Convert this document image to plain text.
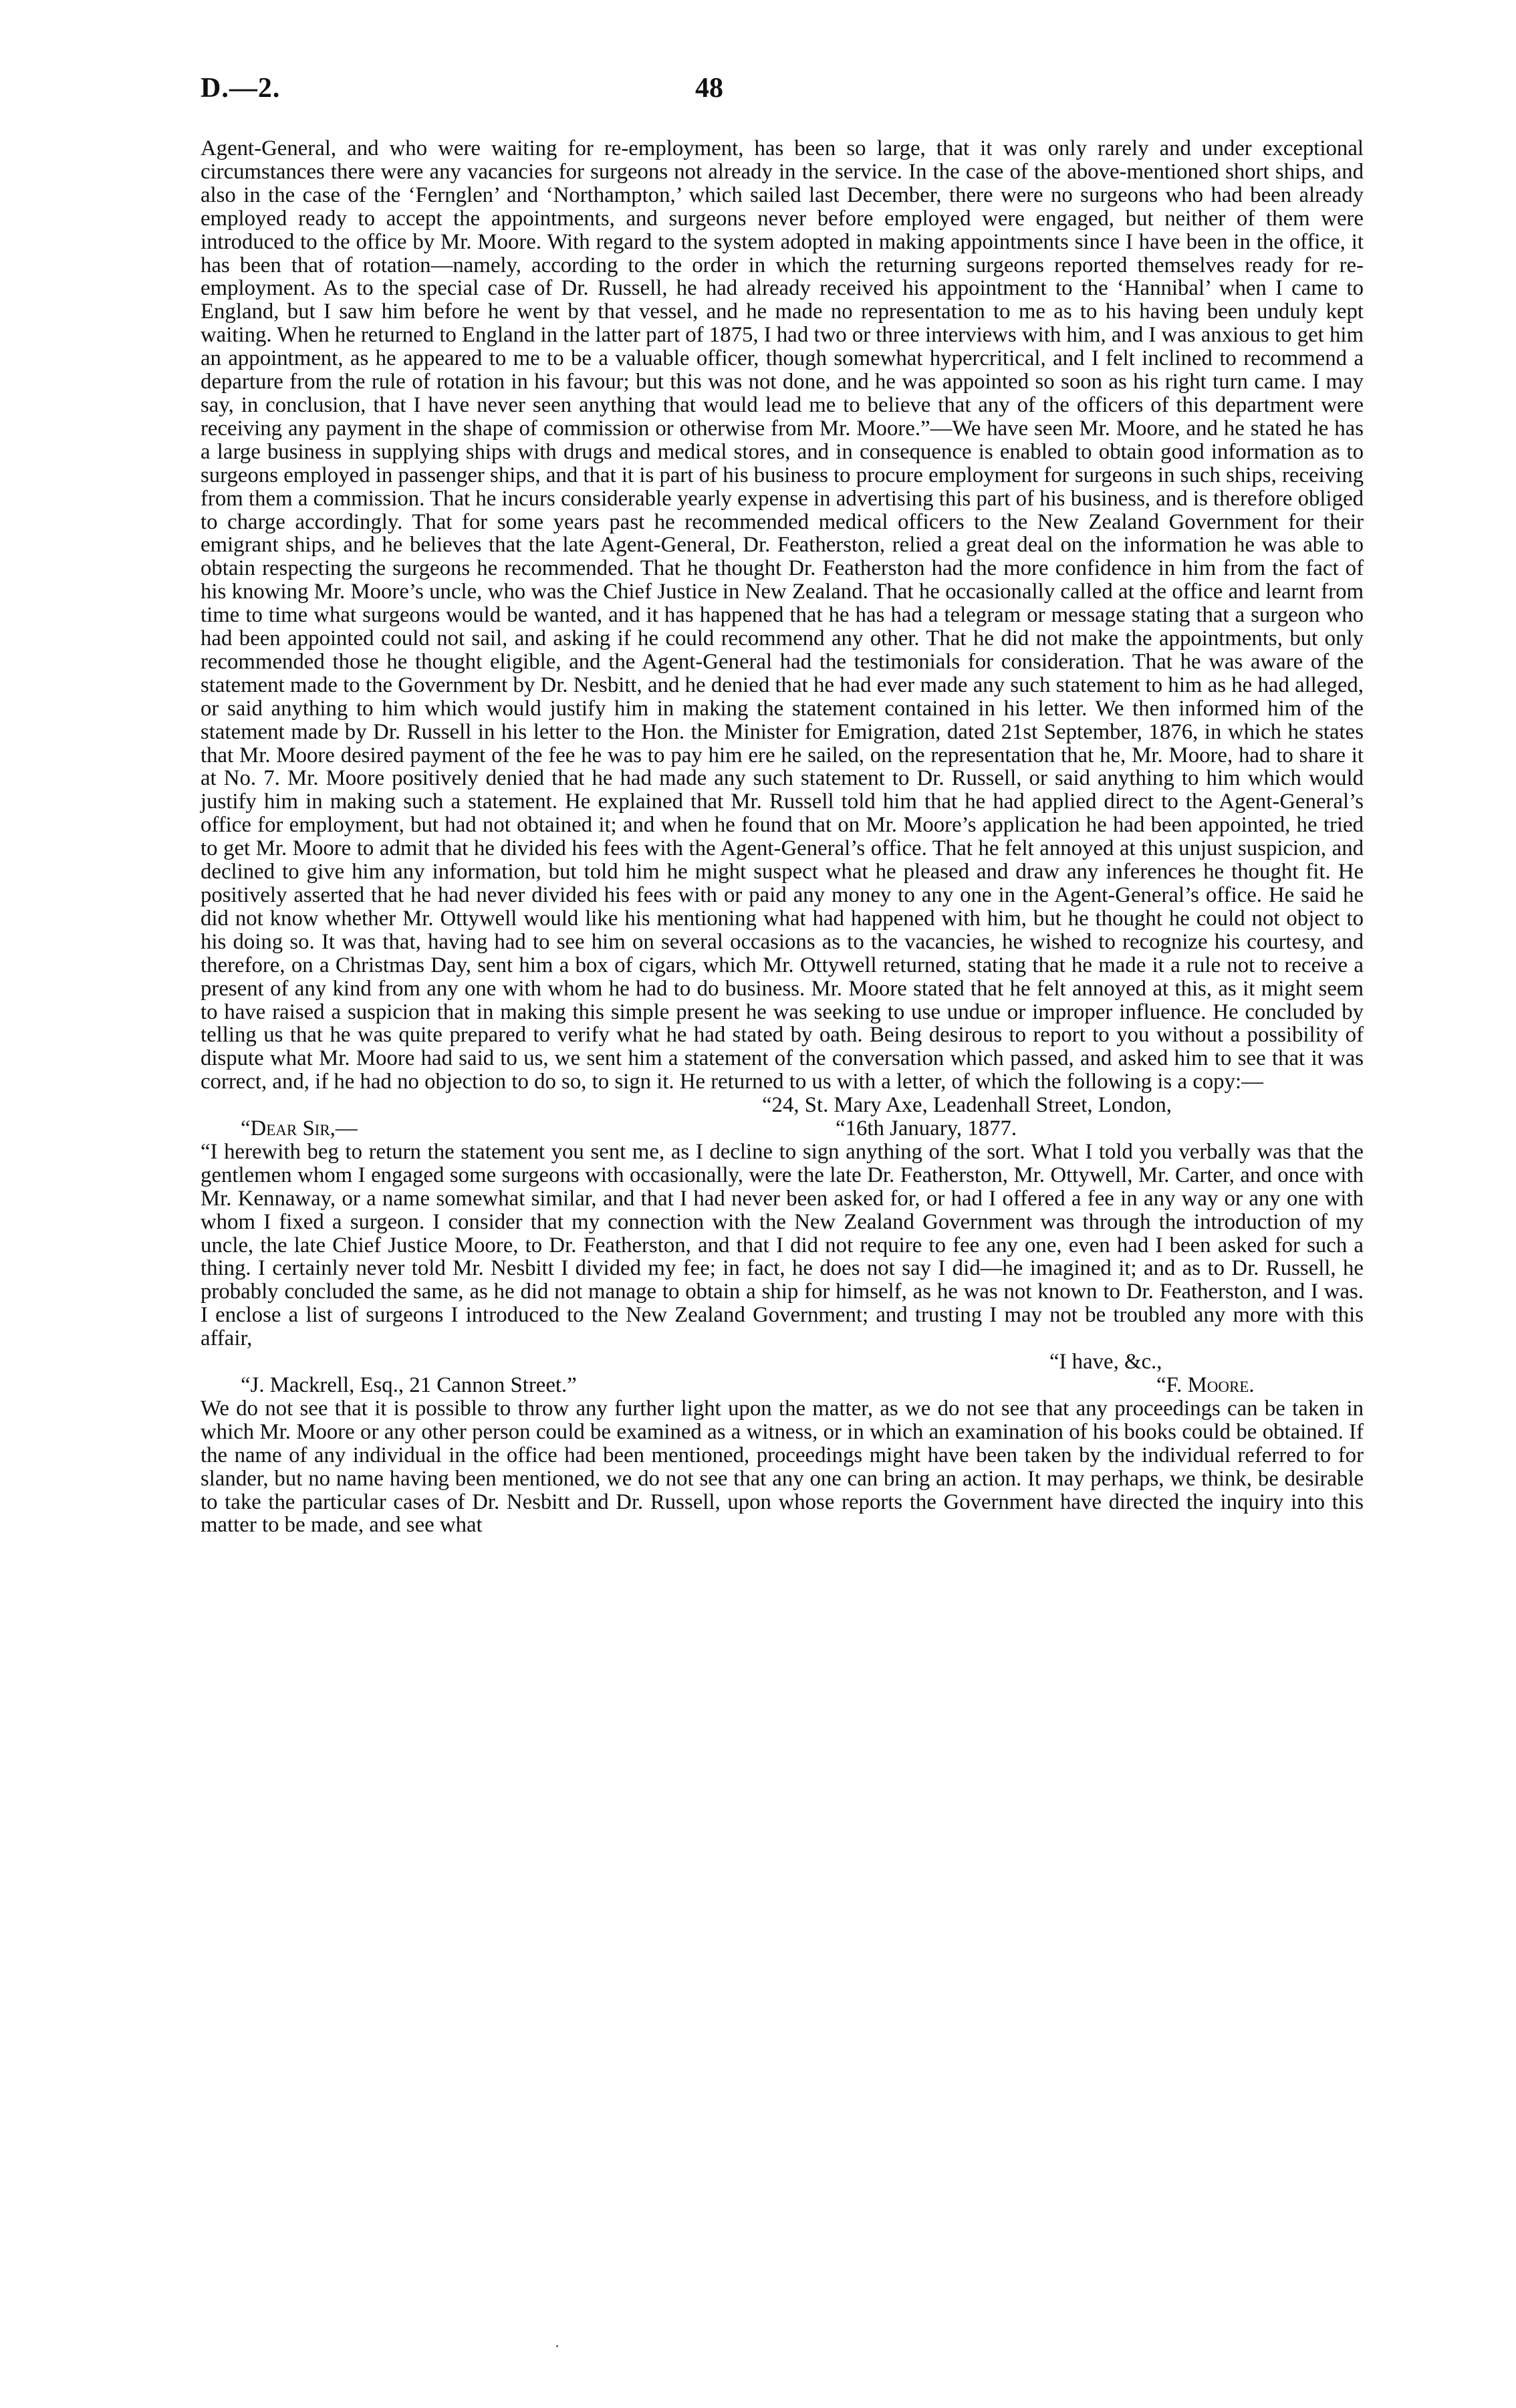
D.—2.	48

Agent-General, and who were waiting for re-employment, has been so large, that it was only rarely and under exceptional circumstances there were any vacancies for surgeons not already in the service. In the case of the above-mentioned short ships, and also in the case of the ‘Fernglen’ and ‘Northampton,’ which sailed last December, there were no surgeons who had been already employed ready to accept the appointments, and surgeons never before employed were engaged, but neither of them were introduced to the office by Mr. Moore. With regard to the system adopted in making appointments since I have been in the office, it has been that of rotation—namely, according to the order in which the returning surgeons reported themselves ready for re-employment. As to the special case of Dr. Russell, he had already received his appointment to the ‘Hannibal’ when I came to England, but I saw him before he went by that vessel, and he made no representation to me as to his having been unduly kept waiting. When he returned to England in the latter part of 1875, I had two or three interviews with him, and I was anxious to get him an appointment, as he appeared to me to be a valuable officer, though somewhat hypercritical, and I felt inclined to recommend a departure from the rule of rotation in his favour; but this was not done, and he was appointed so soon as his right turn came. I may say, in conclusion, that I have never seen anything that would lead me to believe that any of the officers of this department were receiving any payment in the shape of commission or otherwise from Mr. Moore.”—We have seen Mr. Moore, and he stated he has a large business in supplying ships with drugs and medical stores, and in consequence is enabled to obtain good information as to surgeons employed in passenger ships, and that it is part of his business to procure employment for surgeons in such ships, receiving from them a commission. That he incurs considerable yearly expense in advertising this part of his business, and is therefore obliged to charge accordingly. That for some years past he recommended medical officers to the New Zealand Government for their emigrant ships, and he believes that the late Agent-General, Dr. Featherston, relied a great deal on the information he was able to obtain respecting the surgeons he recommended. That he thought Dr. Featherston had the more confidence in him from the fact of his knowing Mr. Moore’s uncle, who was the Chief Justice in New Zealand. That he occasionally called at the office and learnt from time to time what surgeons would be wanted, and it has happened that he has had a telegram or message stating that a surgeon who had been appointed could not sail, and asking if he could recommend any other. That he did not make the appointments, but only recommended those he thought eligible, and the Agent-General had the testimonials for consideration. That he was aware of the statement made to the Government by Dr. Nesbitt, and he denied that he had ever made any such statement to him as he had alleged, or said anything to him which would justify him in making the statement contained in his letter. We then informed him of the statement made by Dr. Russell in his letter to the Hon. the Minister for Emigration, dated 21st September, 1876, in which he states that Mr. Moore desired payment of the fee he was to pay him ere he sailed, on the representation that he, Mr. Moore, had to share it at No. 7. Mr. Moore positively denied that he had made any such statement to Dr. Russell, or said anything to him which would justify him in making such a statement. He explained that Mr. Russell told him that he had applied direct to the Agent-General’s office for employment, but had not obtained it; and when he found that on Mr. Moore’s application he had been appointed, he tried to get Mr. Moore to admit that he divided his fees with the Agent-General’s office. That he felt annoyed at this unjust suspicion, and declined to give him any information, but told him he might suspect what he pleased and draw any inferences he thought fit. He positively asserted that he had never divided his fees with or paid any money to any one in the Agent-General’s office. He said he did not know whether Mr. Ottywell would like his mentioning what had happened with him, but he thought he could not object to his doing so. It was that, having had to see him on several occasions as to the vacancies, he wished to recognize his courtesy, and therefore, on a Christmas Day, sent him a box of cigars, which Mr. Ottywell returned, stating that he made it a rule not to receive a present of any kind from any one with whom he had to do business. Mr. Moore stated that he felt annoyed at this, as it might seem to have raised a suspicion that in making this simple present he was seeking to use undue or improper influence. He concluded by telling us that he was quite prepared to verify what he had stated by oath. Being desirous to report to you without a possibility of dispute what Mr. Moore had said to us, we sent him a statement of the conversation which passed, and asked him to see that it was correct, and, if he had no objection to do so, to sign it. He returned to us with a letter, of which the following is a copy:—

“24, St. Mary Axe, Leadenhall Street, London,

“Dear Sir,—	“16th January, 1877.

“I herewith beg to return the statement you sent me, as I decline to sign anything of the sort. What I told you verbally was that the gentlemen whom I engaged some surgeons with occasionally, were the late Dr. Featherston, Mr. Ottywell, Mr. Carter, and once with Mr. Kennaway, or a name somewhat similar, and that I had never been asked for, or had I offered a fee in any way or any one with whom I fixed a surgeon. I consider that my connection with the New Zealand Government was through the introduction of my uncle, the late Chief Justice Moore, to Dr. Featherston, and that I did not require to fee any one, even had I been asked for such a thing. I certainly never told Mr. Nesbitt I divided my fee; in fact, he does not say I did—he imagined it; and as to Dr. Russell, he probably concluded the same, as he did not manage to obtain a ship for himself, as he was not known to Dr. Featherston, and I was. I enclose a list of surgeons I introduced to the New Zealand Government; and trusting I may not be troubled any more with this affair,

“I have, &c.,
“J. Mackrell, Esq., 21 Cannon Street.”	“F. Moore.

We do not see that it is possible to throw any further light upon the matter, as we do not see that any proceedings can be taken in which Mr. Moore or any other person could be examined as a witness, or in which an examination of his books could be obtained. If the name of any individual in the office had been mentioned, proceedings might have been taken by the individual referred to for slander, but no name having been mentioned, we do not see that any one can bring an action. It may perhaps, we think, be desirable to take the particular cases of Dr. Nesbitt and Dr. Russell, upon whose reports the Government have directed the inquiry into this matter to be made, and see what
